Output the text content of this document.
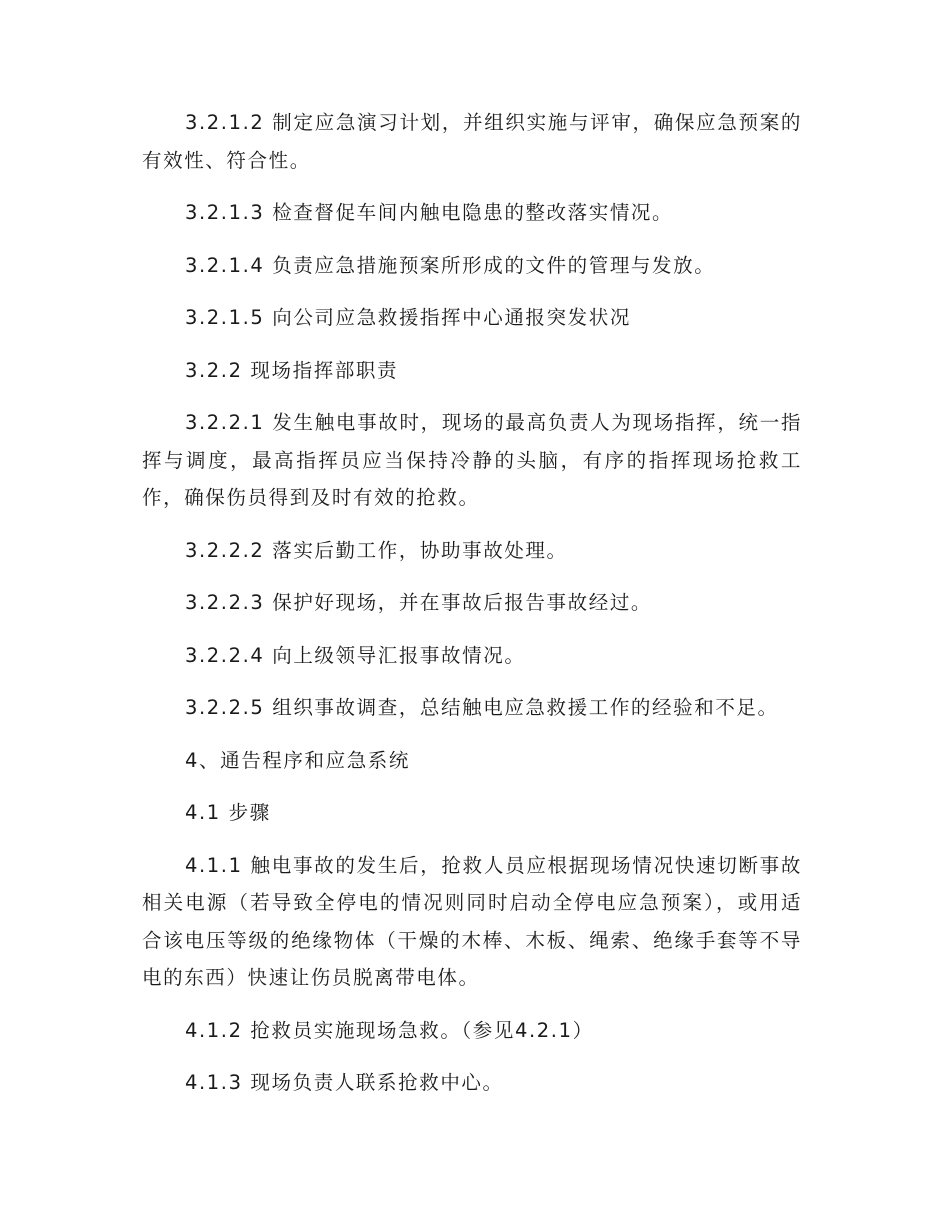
3.2.1.2 制定应急演习计划，并组织实施与评审，确保应急预案的有效性、符合性。

3.2.1.3 检查督促车间内触电隐患的整改落实情况。

3.2.1.4 负责应急措施预案所形成的文件的管理与发放。

3.2.1.5 向公司应急救援指挥中心通报突发状况

3.2.2 现场指挥部职责

3.2.2.1 发生触电事故时，现场的最高负责人为现场指挥，统一指挥与调度，最高指挥员应当保持冷静的头脑，有序的指挥现场抢救工作，确保伤员得到及时有效的抢救。

3.2.2.2 落实后勤工作，协助事故处理。

3.2.2.3 保护好现场，并在事故后报告事故经过。

3.2.2.4 向上级领导汇报事故情况。

3.2.2.5 组织事故调查，总结触电应急救援工作的经验和不足。

4、通告程序和应急系统

4.1 步骤

4.1.1 触电事故的发生后，抢救人员应根据现场情况快速切断事故相关电源（若导致全停电的情况则同时启动全停电应急预案），或用适合该电压等级的绝缘物体（干燥的木棒、木板、绳索、绝缘手套等不导电的东西）快速让伤员脱离带电体。

4.1.2 抢救员实施现场急救。（参见4.2.1）

4.1.3 现场负责人联系抢救中心。
